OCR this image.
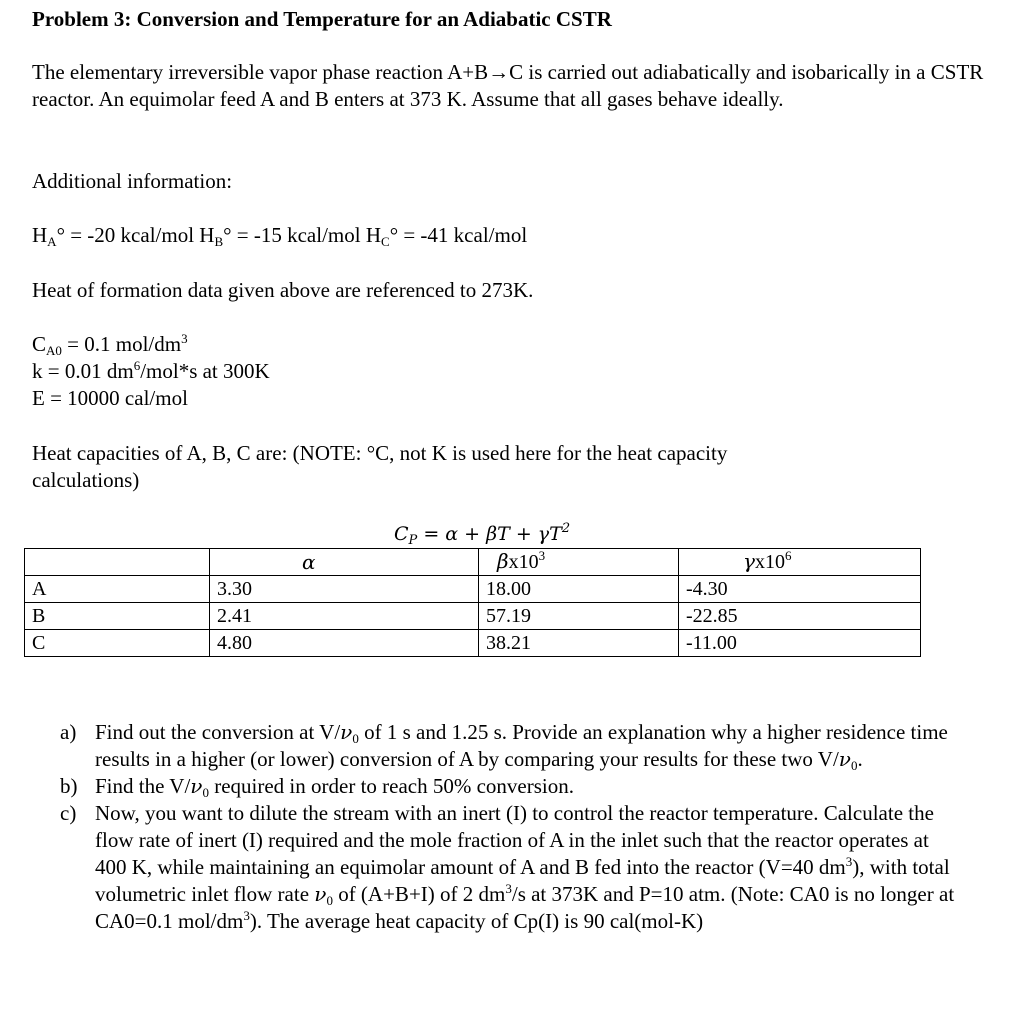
Problem 3: Conversion and Temperature for an Adiabatic CSTR
The elementary irreversible vapor phase reaction A+B→C is carried out adiabatically and isobarically in a CSTR reactor. An equimolar feed A and B enters at 373 K. Assume that all gases behave ideally.
Additional information:
$H_A^\circ = -20$ kcal/mol $H_B^\circ = -15$ kcal/mol $H_C^\circ = -41$ kcal/mol
Heat of formation data given above are referenced to 273K.
$C_{A0} = 0.1$ mol/$dm^3$
k = 0.01 $dm^6/mol*s$ at 300K
E = 10000 cal/mol
Heat capacities of A, B, C are: (NOTE: °C, not K is used here for the heat capacity calculations)
$C_P = \alpha + \beta T + \gamma T^2$
	α	$\beta x10^3$	$\gamma x10^6$
A	3.30	18.00	-4.30
B	2.41	57.19	-22.85
C	4.80	38.21	-11.00
a) Find out the conversion at $V/\nu_0$ of 1 s and 1.25 s. Provide an explanation why a higher residence time results in a higher (or lower) conversion of A by comparing your results for these two $V/\nu_0$.
b) Find the $V/\nu_0$ required in order to reach 50% conversion.
c) Now, you want to dilute the stream with an inert (I) to control the reactor temperature. Calculate the flow rate of inert (I) required and the mole fraction of A in the inlet such that the reactor operates at 400 K, while maintaining an equimolar amount of A and B fed into the reactor (V=40 $dm^3$), with total volumetric inlet flow rate $\nu_0$ of (A+B+I) of 2 $dm^3/s$ at 373K and P=10 atm. (Note: CA0 is no longer at CA0=0.1 mol/$dm^3$). The average heat capacity of Cp(I) is 90 cal(mol-K)
